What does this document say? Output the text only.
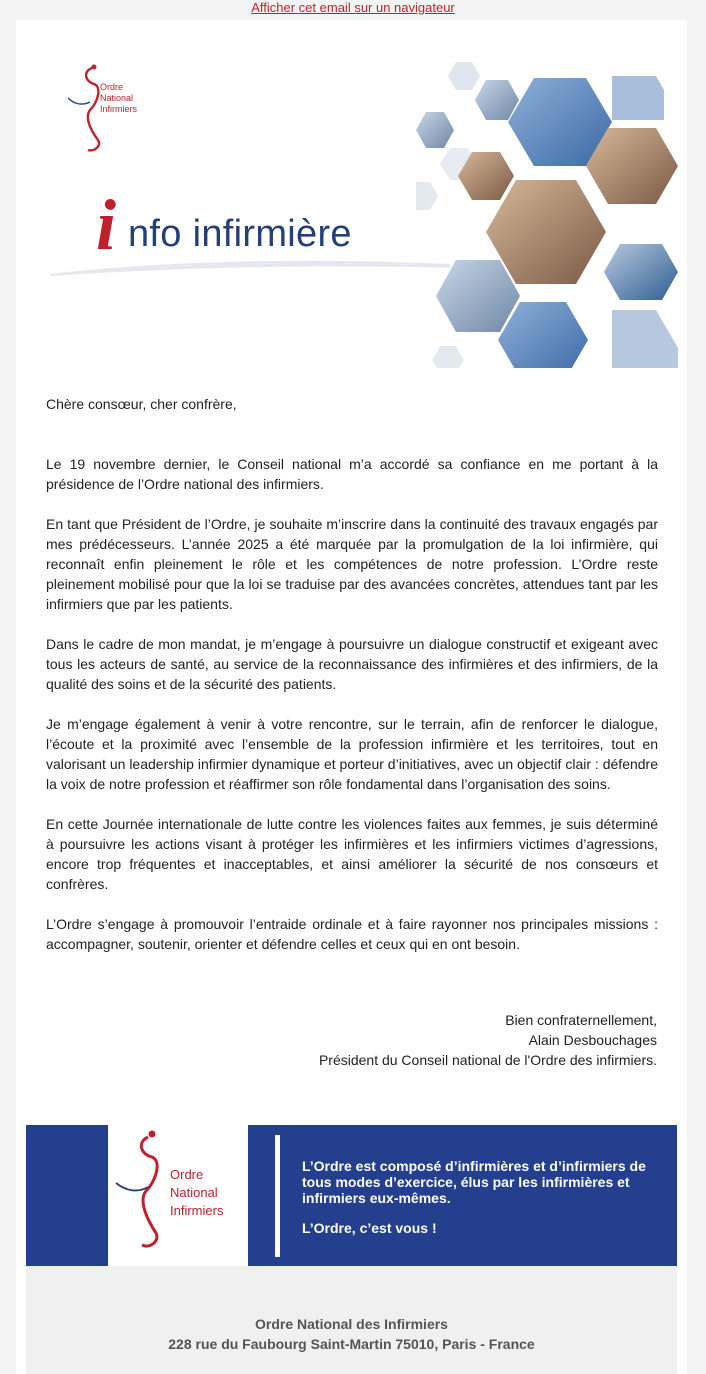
Afficher cet email sur un navigateur
Ordre
National
Infirmiers
i nfo infirmière

Chère consœur, cher confrère,

Le 19 novembre dernier, le Conseil national m’a accordé sa confiance en me portant à la présidence de l’Ordre national des infirmiers.

En tant que Président de l’Ordre, je souhaite m’inscrire dans la continuité des travaux engagés par mes prédécesseurs. L’année 2025 a été marquée par la promulgation de la loi infirmière, qui reconnaît enfin pleinement le rôle et les compétences de notre profession. L’Ordre reste pleinement mobilisé pour que la loi se traduise par des avancées concrètes, attendues tant par les infirmiers que par les patients.

Dans le cadre de mon mandat, je m’engage à poursuivre un dialogue constructif et exigeant avec tous les acteurs de santé, au service de la reconnaissance des infirmières et des infirmiers, de la qualité des soins et de la sécurité des patients.

Je m’engage également à venir à votre rencontre, sur le terrain, afin de renforcer le dialogue, l’écoute et la proximité avec l’ensemble de la profession infirmière et les territoires, tout en valorisant un leadership infirmier dynamique et porteur d’initiatives, avec un objectif clair : défendre la voix de notre profession et réaffirmer son rôle fondamental dans l’organisation des soins.

En cette Journée internationale de lutte contre les violences faites aux femmes, je suis déterminé à poursuivre les actions visant à protéger les infirmières et les infirmiers victimes d’agressions, encore trop fréquentes et inacceptables, et ainsi améliorer la sécurité de nos consœurs et confrères.

L’Ordre s’engage à promouvoir l’entraide ordinale et à faire rayonner nos principales missions : accompagner, soutenir, orienter et défendre celles et ceux qui en ont besoin.

Bien confraternellement,
Alain Desbouchages
Président du Conseil national de l'Ordre des infirmiers.
Ordre
National
Infirmiers
L’Ordre est composé d’infirmières et d’infirmiers de tous modes d’exercice, élus par les infirmières et infirmiers eux-mêmes.
L’Ordre, c’est vous !
Ordre National des Infirmiers
228 rue du Faubourg Saint-Martin 75010, Paris - France
